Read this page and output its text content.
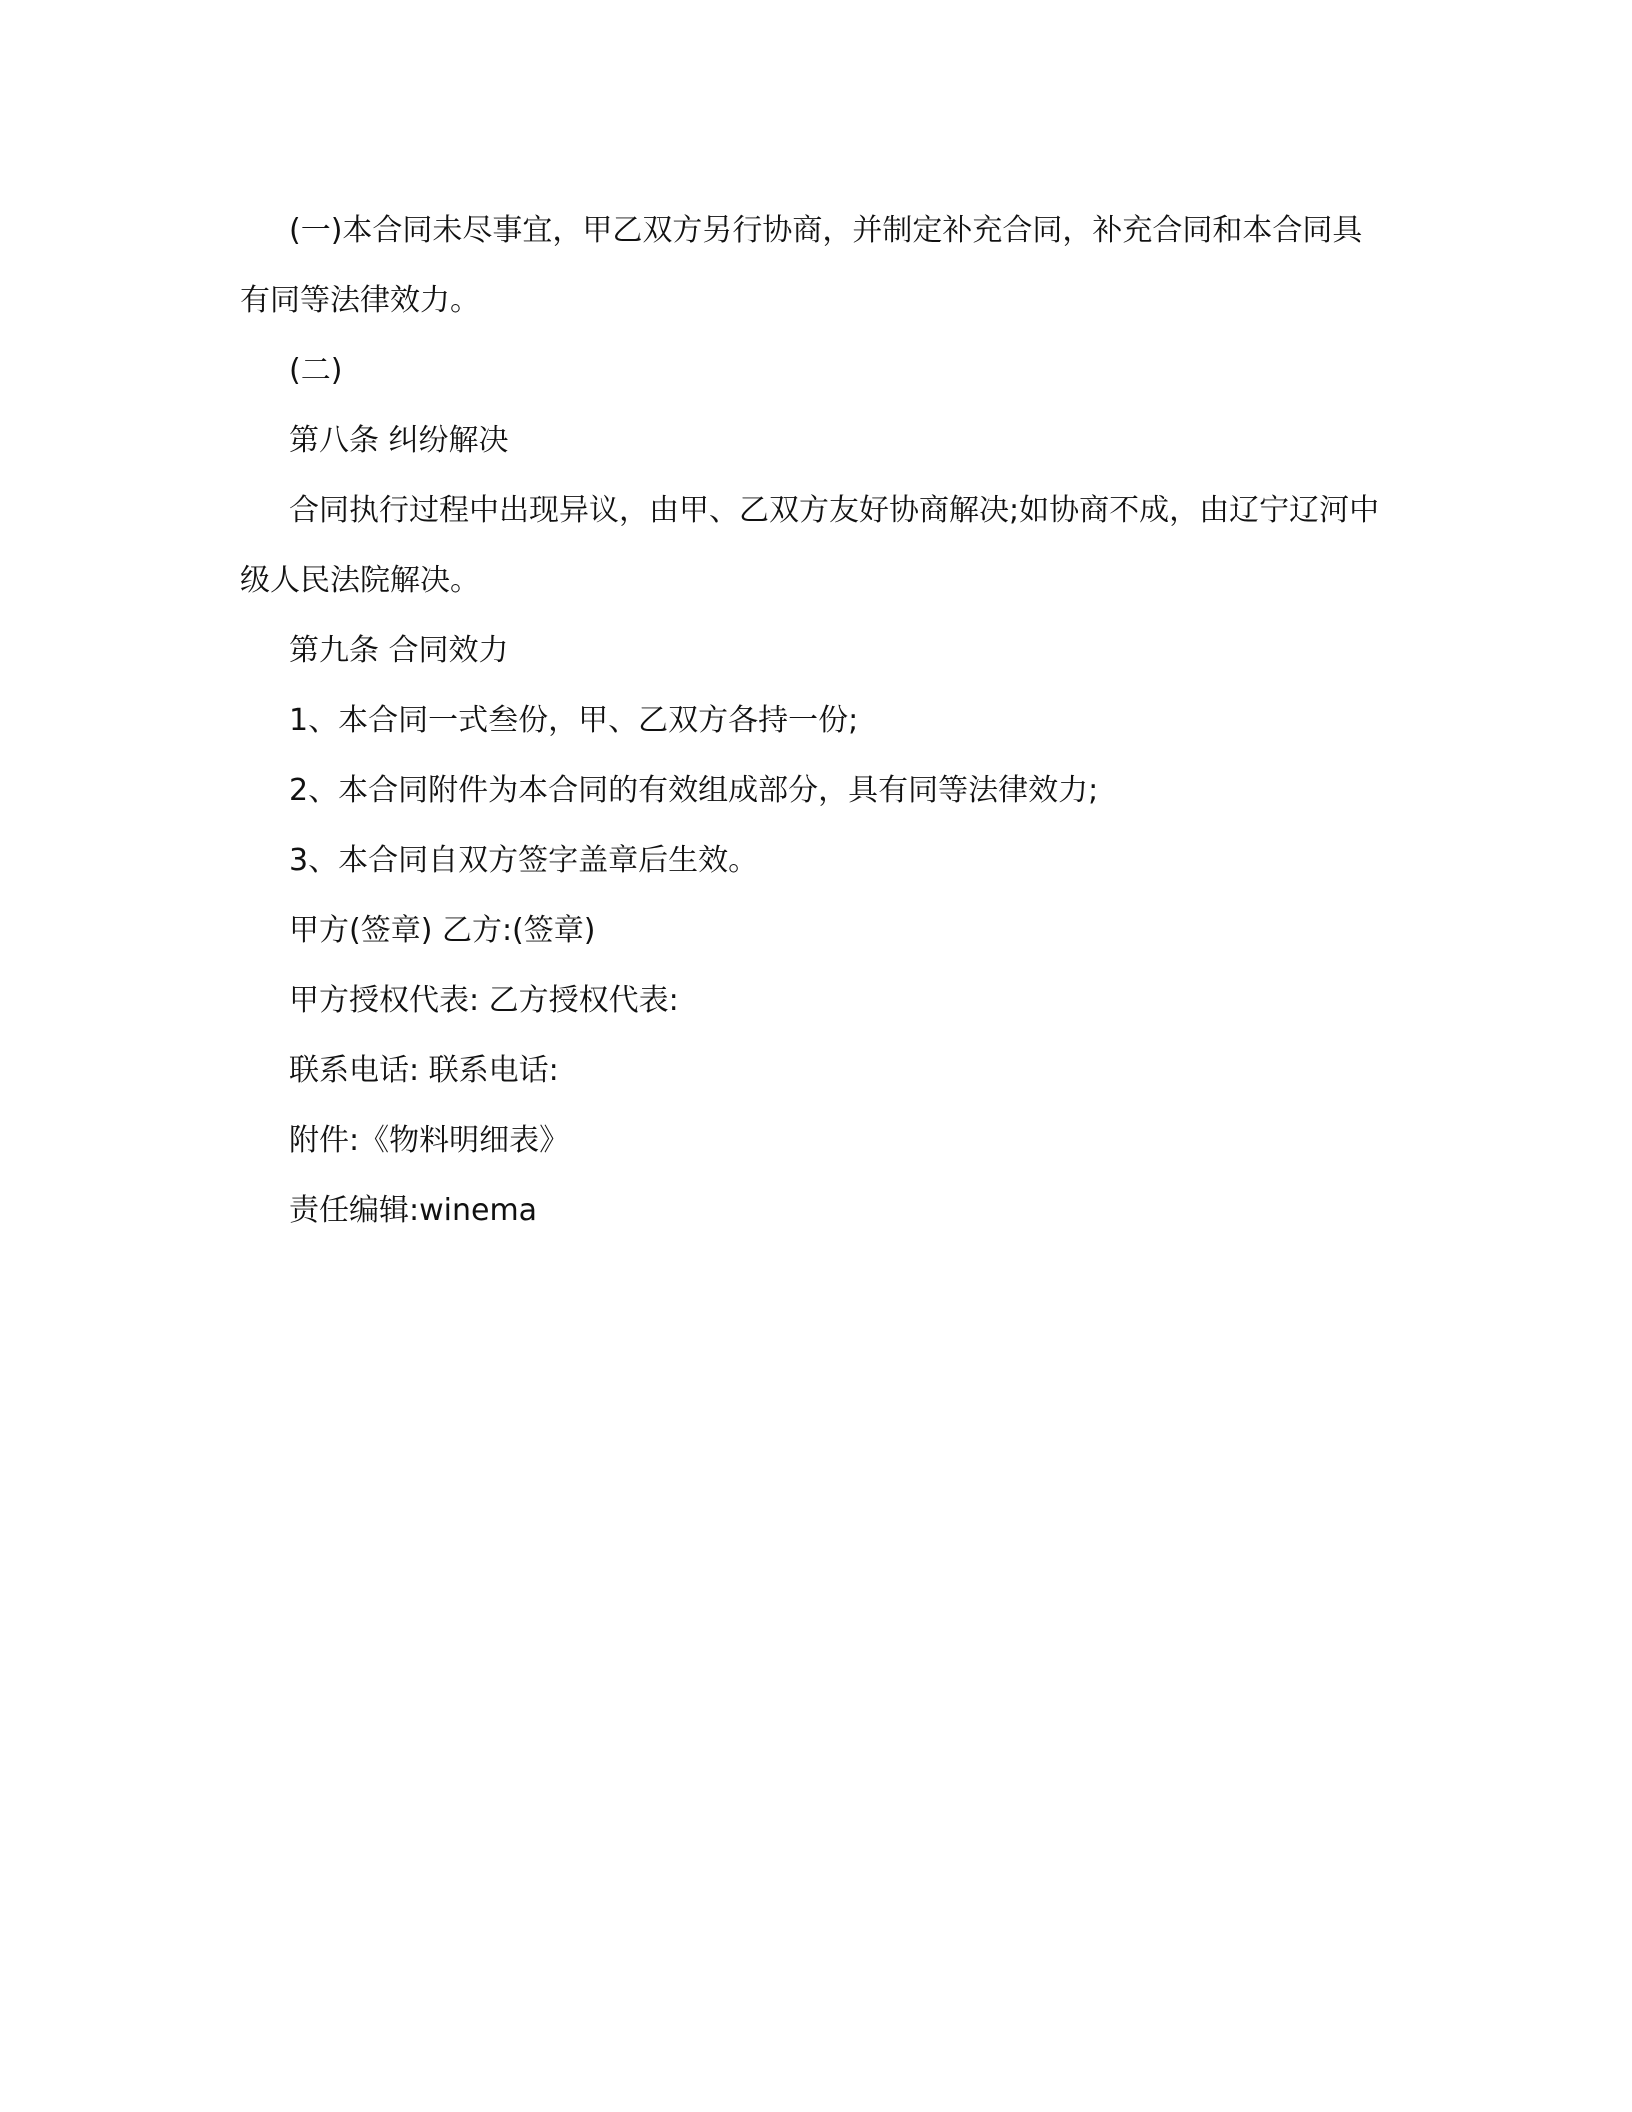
(一)本合同未尽事宜，甲乙双方另行协商，并制定补充合同，补充合同和本合同具有同等法律效力。

(二)

第八条 纠纷解决

合同执行过程中出现异议，由甲、乙双方友好协商解决;如协商不成，由辽宁辽河中级人民法院解决。

第九条 合同效力

1、本合同一式叁份，甲、乙双方各持一份;

2、本合同附件为本合同的有效组成部分，具有同等法律效力;

3、本合同自双方签字盖章后生效。

甲方(签章) 乙方:(签章)

甲方授权代表: 乙方授权代表:

联系电话: 联系电话:

附件:《物料明细表》

责任编辑:winema
